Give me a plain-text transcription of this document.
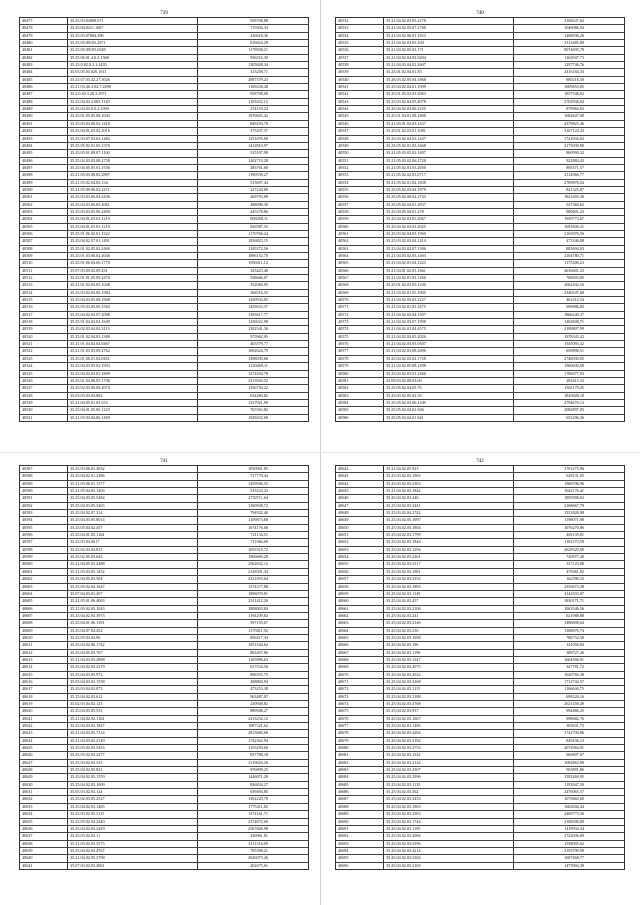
739
40477	35.25.03.04008.671	958708,88
40478	35.25.04.0211.1607	719304,34
40479	35.25.05.07084.396	426618,36
40480	35.25.05.09103.2971	816824,29
40481	35.25.05.09105.6548	1178938,21
40482	35.25.06.01.4.0.3.1568	936216,30
40483	35.25.0.82.9.3.1.1435	1305828,34
40484	35.03.05.03.026.1611	313258,71
40485	35.25.07.03.42.27.3026	2687379,23
40486	35.21.03.46.3.04.7.2498	1169438,48
40487	35.2.0.40.3.20.3.2971	958708,08
40488	35.25.04.04.2.065.1120	1103452,15
40489	35.25.04.03.0.0.4.2390	374153,24
40490	35.25.01.05.05.08.1043	1976843,42
40491	35.25.03.04.06.02.1410	849250,70
40492	35.25.04.01.03.02.2016	375437,37
40493	35.25.03.07.03.02.1482	1251076,68
40494	35.25.05.02.01.05.2370	1412810,97
40495	35.25.05.01.09.07.1100	535107,90
40496	35.25.02.03.03.08.2758	1202719,28
40497	35.25.04.05.05.01.1556	285761,00
40498	35.21.05.03.08.02.2897	1190539,27
40499	35.21.05.02.04.03.154	515697,44
40500	35.21.05.09.06.02.2471	227243,80
40501	35.25.03.03.06.04.2436	269793,09
40502	35.25.04.03.06.05.2061	488098,30
40503	35.25.03.03.05.06.2490	445278,86
40504	35.25.04.01.03.02.1219	809258,11
40505	35.25.04.01.03.01.1219	926587,55
40506	35.25.01.06.02.01.1522	1170766,24
40507	35.25.04.02.07.01.1491	1856823,15
40508	35.25.01.02.05.02.2460	1195372,56
40509	35.25.01.03.06.02.2048	1896152,70
40510	35.25.01.06.04.06.1770	1950411,12
40511	35.07.03.09.02.09.431	325423,40
40512	35.25.01.01.05.09.2476	538666,67
40513	35.21.01.02.03.05.1048	352060,95
40514	35.23.03.02.03.06.1984	368516,55
40515	35.25.04.03.05.08.1848	1250934,85
40516	35.25.05.03.05.06.1563	1455633,37
40517	35.25.04.02.03.07.2098	1395617,77
40518	35.25.01.04.03.04.1649	1256022,98
40519	35.25.02.03.04.02.3113	1282341,36
40520	35.25.01.02.04.03.1388	975962,05
40521	35.21.01.04.02.04.0467	405579,77
40522	35.21.01.03.03.09.2762	1002624,79
40523	35.25.01.06.01.02.0451	1398039,68
40524	35.25.04.03.05.02.1993	1120469,11
40525	35.25.04.02.03.01.1899	1274294,78
40526	35.25.01.04.06.05.1706	2313943,52
40527	35.25.02.03.06.09.2074	1356750,22
40528	35.03.05.03.04.082	634260,82
40529	35.21.04.05.01.03.553	1337921,99
40530	35.25.04.01.05.06.1223	765563,82
40531	35.21.05.03.04.06.1469	1929432,68
740
40532	35.21.04.02.03.05.2278	2108247,62
40533	35.21.04.02.05.07.2768	1046086,94
40534	35.21.04.02.06.01.1823	1408030,26
40535	35.21.04.02.03.05.104	2113485,80
40536	35.21.04.02.05.03.171	9074695,79
40537	35.21.04.02.04.02.0294	1162947,73
40538	35.21.04.03.04.02.2607	1297746,76
40539	35.25.01.02.04.01.83	2416184,33
40540	35.26.03.02.05.04.1868	880218,50
40541	35.25.04.02.04.01.1909	1609653,85
40542	35.25.01.05.02.03.2063	1857548,02
40543	35.25.03.02.04.05.4078	2702938,04
40544	35.25.04.02.03.06.2255	879964,02
40545	35.25.01.04.01.08.1868	1682647,08
40546	35.21.03.01.02.03.1437	4379825,46
40547	35.25.01.02.03.01.1081	2167124,43
40548	35.25.03.02.04.03.1437	1742934,02
40549	35.25.05.02.01.03.1668	2175030,80
40550	35.21.05.03.05.02.1407	860990,32
40551	35.21.05.03.02.06.2728	922884,43
40552	35.21.05.02.03.03.2050	895571,57
40553	35.21.05.02.02.03.0717	2114966,77
40554	35.21.05.02.01.02.1838	2709878,04
40555	35.25.05.02.03.04.1979	841325,87
40556	35.25.05.02.08.02.2743	1821493,30
40557	35.25.05.02.04.01.2837	537384,62
40558	35.25.04.05.04.01.278	900401,23
40559	35.25.04.02.03.05.2067	1939773,67
40560	35.25.04.02.03.02.2025	1691600,21
40561	35.25.03.02.04.03.1960	2163976,56
40562	35.25.03.02.03.04.1414	473346,08
40563	35.25.04.03.02.07.1306	885694,03
40564	35.21.04.03.02.03.1403	2104780,71
40565	35.21.04.02.01.04.1423	1175300,23
40566	35.21.04.01.02.03.1661	2616601,23
40567	35.21.04.02.01.03.1260	768493,85
40568	35.25.01.02.03.05.1240	2662432,16
40569	35.21.03.02.01.05.1905	2346547,68
40570	35.21.04.02.03.03.2227	461212,54
40571	35.21.04.02.01.03.1675	699086,83
40572	35.21.04.02.03.04.1507	1866240,37
40573	35.21.04.02.03.07.1998	1402848,71
40574	35.21.04.02.01.04.4575	2189807,99
40575	35.21.04.02.03.05.2026	1978343,42
40576	35.21.04.02.03.03.0307	1545093,32
40577	35.21.04.02.03.08.2696	659898,51
40578	35.25.04.02.03.02.1728	2746930,05
40579	35.21.04.02.05.08.1498	1960630,09
40580	35.25.04.02.03.01.2460	1786077,03
40581	35.09.03.02.08.03.00	283415,33
40582	35.25.05.02.04.05.76	1561179,45
40583	35.25.03.02.05.02.50	1845828,18
40584	35.25.05.02.03.06.1108	4794670,13
40585	35.25.05.02.04.02.946	2082897,05
40586	35.25.05.03.04.01.941	651296,36
741
40587	35.25.03.06.01.3032	1050901,85
40588	35.25.04.02.01.2386	727779,44
40589	35.21.05.06.01.1377	1459946,55
40590	35.21.05.04.03.1203	523224,23
40591	35.25.04.03.05.5484	2750711,64
40592	35.25.04.03.05.3465	1160938,72
40593	35.25.04.02.07.314	794932,40
40594	35.25.04.03.05.8014	1109873,68
40595	35.25.05.04.02.457	1674176,68
40596	35.25.04.01.05.1164	721134,51
40597	35.25.03.04.0617	711066,69
40598	35.25.02.03.04.813	1055319,72
40599	35.25.02.05.03.643	1966669,20
40600	35.21.04.05.03.2488	2562632,12
40601	35.21.05.03.05.1432	2128391,34
40602	35.25.04.05.03.504	2321693,64
40603	35.25.05.02.04.1647	1374377,88
40604	35.07.04.03.01.207	1896070,81
40605	35.21.05.01.06.4063	2311412,26
40606	35.21.05.02.05.1043	1808003,84
40607	35.25.04.02.03.3973	1194209,82
40608	35.25.04.01.06.1391	597159,67
40609	35.25.04.07.04.452	1379411,92
40610	35.25.05.03.04.96	856417,34
40611	35.25.04.02.06.1742	1051544,62
40612	35.25.04.05.03.767	863457,86
40613	35.21.04.03.03.2898	1165996,63
40614	35.25.04.02.03.2379	617534,56
40615	35.25.04.03.05.972	898355,75
40616	35.03.04.03.02.1558	268804,94
40617	35.25.03.04.02.873	473253,38
40618	35.25.04.02.03.612	963487,87
40619	35.02.03.04.02.125	230948,82
40620	35.25.04.03.05.533	889948,27
40621	35.21.04.02.02.1164	2415232,12
40622	35.25.04.03.02.1847	1087321,62
40623	35.21.04.03.05.7314	2813660,68
40624	35.21.04.03.02.2149	1742362,94
40625	35.25.05.02.03.5453	1155250,60
40626	35.25.05.02.03.2277	837788,10
40627	35.25.03.02.03.335	3119024,26
40628	35.25.04.02.05.821	976899,25
40629	35.25.04.02.05.1559	1446071,20
40630	35.25.04.02.03.1009	826834,27
40631	35.05.03.02.03.124	639494,85
40632	35.25.02.03.05.2527	1492229,78
40633	35.25.04.02.03.1465	1775411,82
40634	35.25.03.02.05.3115	1374161,71
40635	35.25.05.02.04.2440	2374672,06
40636	35.25.04.02.03.2429	2567668,98
40637	35.25.05.02.03.11	236961,81
40638	35.21.05.02.03.3573	3111316,09
40639	35.25.04.02.03.4767	785398,21
40640	35.21.04.02.05.3798	2026075,26
40641	35.07.03.02.03.2061	202675,61
742
40642	35.21.04.02.05.923	1701275,96
40643	35.25.03.02.03.1965	628131,05
40644	35.25.03.02.03.2303	1968706,96
40645	35.21.04.02.03.1842	1642176,41
40646	35.25.04.02.03.446	1895908,02
40647	35.25.04.02.03.3441	2168667,78
40648	35.25.03.02.04.2742	1531826,98
40649	35.25.04.02.05.1697	1198071,98
40650	35.25.04.02.03.1804	1076270,86
40651	35.25.04.02.03.1799	481135,81
40652	35.25.04.02.03.1844	1182573,59
40653	35.25.04.02.03.1294	2629329,99
40654	35.25.04.02.03.2261	720977,40
40655	35.25.04.02.03.3317	337123,08
40656	35.25.04.02.03.1981	479361,02
40657	35.25.04.02.03.3352	162599,52
40658	35.25.04.02.03.1893	2350673,38
40659	35.25.04.02.03.1149	4142333,07
40660	35.25.04.02.03.457	1830171,71
40661	35.25.04.02.03.2106	1063546,56
40662	35.25.04.02.03.241	621988,88
40663	35.25.04.02.03.2146	1486698,64
40664	35.25.04.02.03.230	1368676,74
40665	35.25.04.02.03.1698	786752,58
40666	35.25.04.02.03.196	141058,84
40667	35.25.04.02.03.1190	389727,26
40668	35.25.04.02.03.1247	1664566,91
40669	35.25.04.02.03.2075	347781,72
40670	35.25.04.02.03.2022	1620784,38
40671	35.25.04.02.03.3268	1712744,57
40672	35.25.04.02.03.1115	1106636,75
40673	35.25.04.02.03.3188	698320,16
40674	35.25.04.02.03.4768	2621458,49
40675	35.25.04.02.03.937	994466,25
40676	35.25.04.02.03.1667	998682,76
40677	35.25.04.02.03.1495	303631,73
40678	35.25.04.02.03.4284	1742790,86
40679	35.25.04.02.03.3182	849236,13
40680	35.25.04.02.03.2753	2072964,91
40681	35.25.04.02.03.1542	666807,67
40682	35.25.04.02.03.2124	1082863,89
40683	35.25.04.02.03.2307	963891,86
40684	35.25.04.02.03.2996	1593269,95
40685	35.25.04.02.03.1135	1193947,30
40686	35.25.04.02.03.562	2476065,57
40687	35.25.04.02.03.3433	1075665,60
40688	35.25.04.02.03.1803	1662604,44
40689	35.25.04.02.03.2583	2469775,56
40690	35.25.04.02.03.1744	2168306,80
40691	35.25.04.02.03.1195	1419934,34
40692	35.25.04.02.03.2066	2722036,09
40693	35.25.04.02.03.3396	1558005,62
40694	35.25.04.02.03.4214	2195799,99
40695	35.25.04.02.03.3304	1607468,77
40696	35.25.04.02.03.2165	1475904,39
